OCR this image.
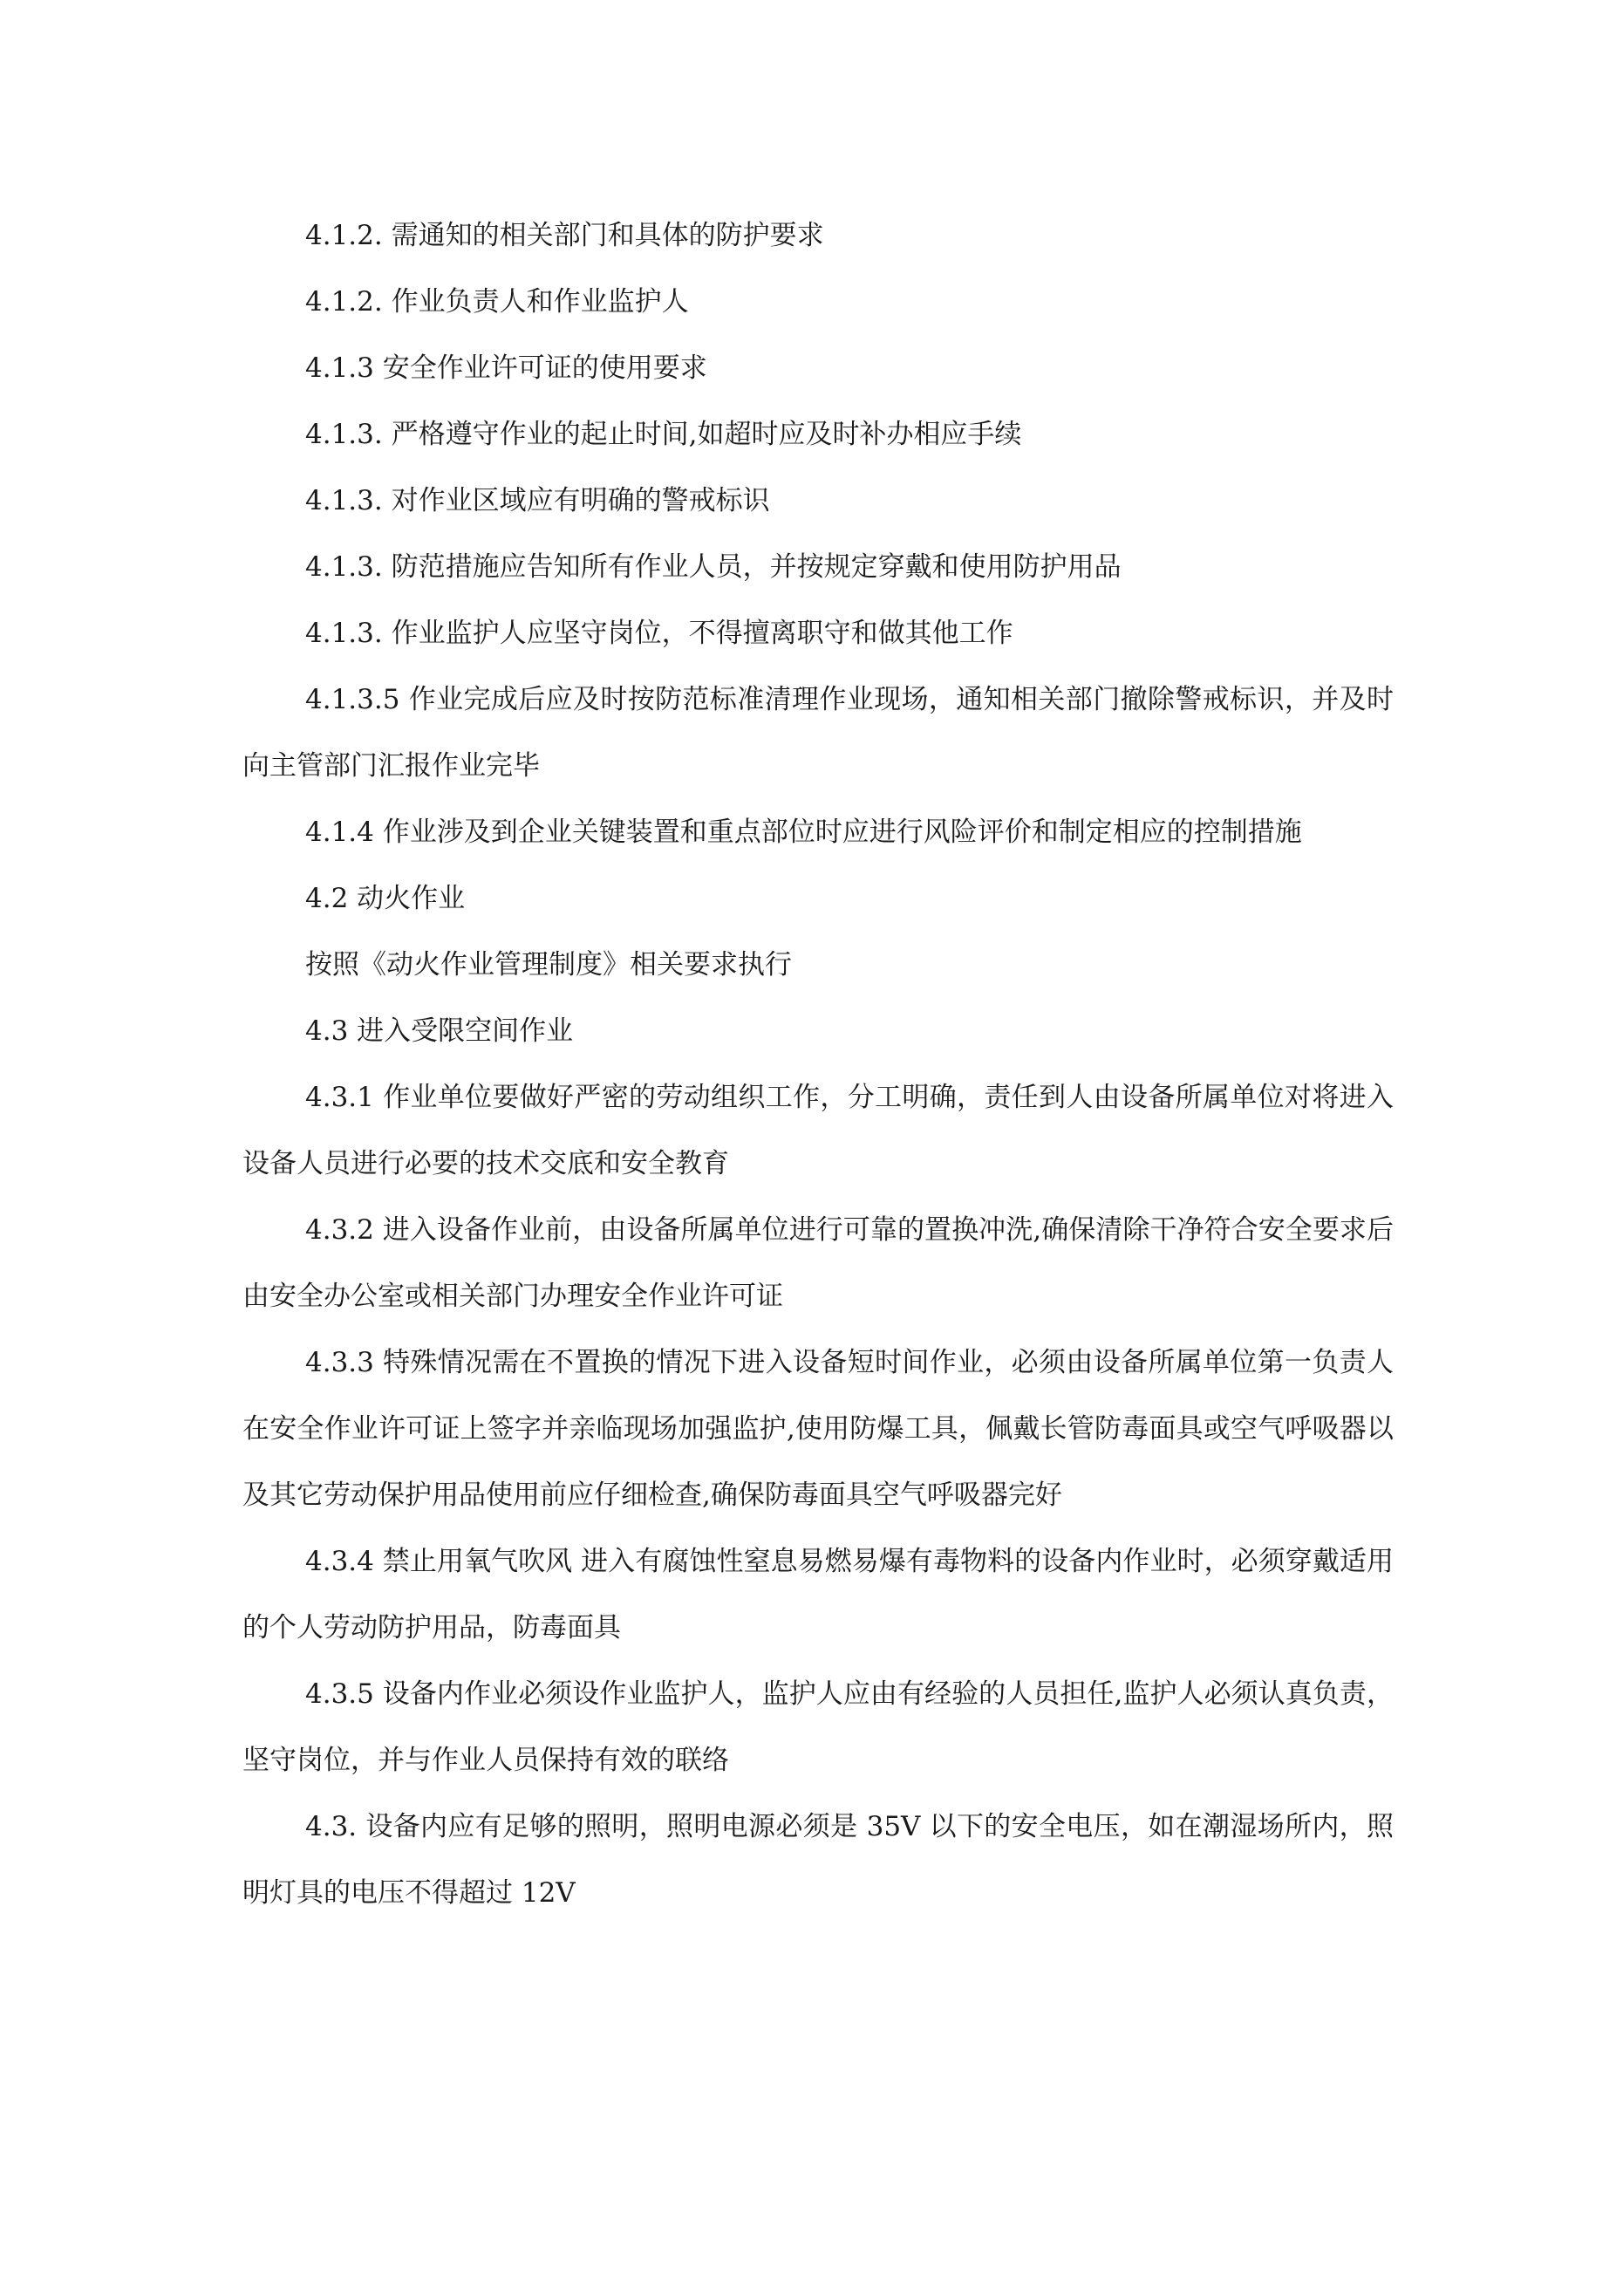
4.1.2. 需通知的相关部门和具体的防护要求

4.1.2. 作业负责人和作业监护人

4.1.3 安全作业许可证的使用要求

4.1.3. 严格遵守作业的起止时间,如超时应及时补办相应手续

4.1.3. 对作业区域应有明确的警戒标识

4.1.3. 防范措施应告知所有作业人员，并按规定穿戴和使用防护用品

4.1.3. 作业监护人应坚守岗位，不得擅离职守和做其他工作

4.1.3.5 作业完成后应及时按防范标准清理作业现场，通知相关部门撤除警戒标识，并及时向主管部门汇报作业完毕

4.1.4 作业涉及到企业关键装置和重点部位时应进行风险评价和制定相应的控制措施

4.2 动火作业

按照《动火作业管理制度》相关要求执行

4.3 进入受限空间作业

4.3.1 作业单位要做好严密的劳动组织工作，分工明确，责任到人由设备所属单位对将进入设备人员进行必要的技术交底和安全教育

4.3.2 进入设备作业前，由设备所属单位进行可靠的置换冲洗,确保清除干净符合安全要求后由安全办公室或相关部门办理安全作业许可证

4.3.3 特殊情况需在不置换的情况下进入设备短时间作业，必须由设备所属单位第一负责人在安全作业许可证上签字并亲临现场加强监护,使用防爆工具，佩戴长管防毒面具或空气呼吸器以及其它劳动保护用品使用前应仔细检查,确保防毒面具空气呼吸器完好

4.3.4 禁止用氧气吹风 进入有腐蚀性窒息易燃易爆有毒物料的设备内作业时，必须穿戴适用的个人劳动防护用品，防毒面具

4.3.5 设备内作业必须设作业监护人，监护人应由有经验的人员担任,监护人必须认真负责，坚守岗位，并与作业人员保持有效的联络

4.3. 设备内应有足够的照明，照明电源必须是 35V 以下的安全电压，如在潮湿场所内，照明灯具的电压不得超过 12V
